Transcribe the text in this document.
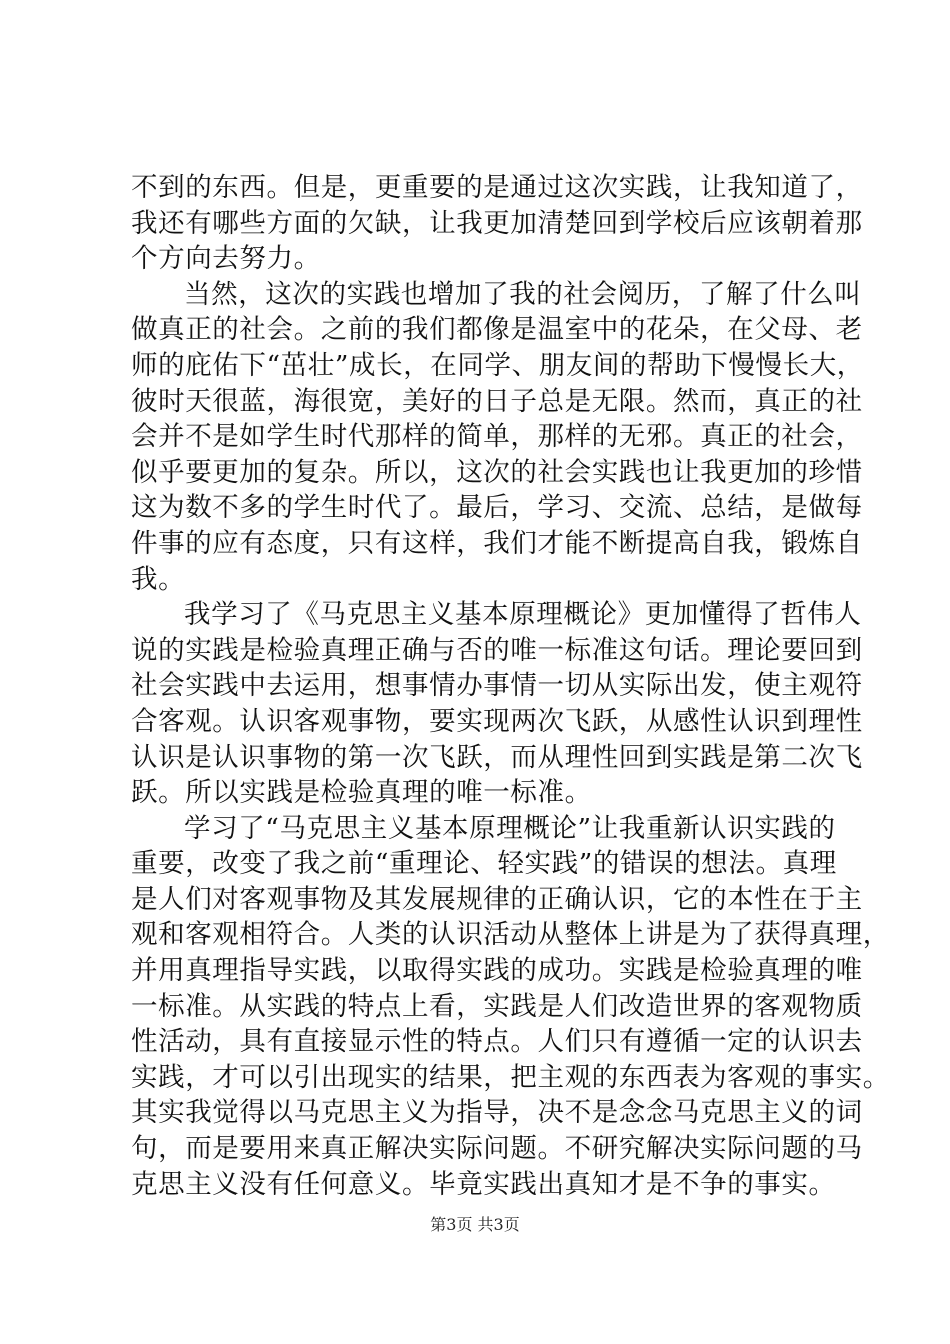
不到的东西。但是，更重要的是通过这次实践，让我知道了，
我还有哪些方面的欠缺，让我更加清楚回到学校后应该朝着那
个方向去努力。
当然，这次的实践也增加了我的社会阅历，了解了什么叫
做真正的社会。之前的我们都像是温室中的花朵，在父母、老
师的庇佑下“茁壮”成长，在同学、朋友间的帮助下慢慢长大，
彼时天很蓝，海很宽，美好的日子总是无限。然而，真正的社
会并不是如学生时代那样的简单，那样的无邪。真正的社会，
似乎要更加的复杂。所以，这次的社会实践也让我更加的珍惜
这为数不多的学生时代了。最后，学习、交流、总结，是做每
件事的应有态度，只有这样，我们才能不断提高自我，锻炼自
我。
我学习了《马克思主义基本原理概论》更加懂得了哲伟人
说的实践是检验真理正确与否的唯一标准这句话。理论要回到
社会实践中去运用，想事情办事情一切从实际出发，使主观符
合客观。认识客观事物，要实现两次飞跃，从感性认识到理性
认识是认识事物的第一次飞跃，而从理性回到实践是第二次飞
跃。所以实践是检验真理的唯一标准。
学习了“马克思主义基本原理概论”让我重新认识实践的
重要，改变了我之前“重理论、轻实践”的错误的想法。真理
是人们对客观事物及其发展规律的正确认识，它的本性在于主
观和客观相符合。人类的认识活动从整体上讲是为了获得真理，
并用真理指导实践，以取得实践的成功。实践是检验真理的唯
一标准。从实践的特点上看，实践是人们改造世界的客观物质
性活动，具有直接显示性的特点。人们只有遵循一定的认识去
实践，才可以引出现实的结果，把主观的东西表为客观的事实。
其实我觉得以马克思主义为指导，决不是念念马克思主义的词
句，而是要用来真正解决实际问题。不研究解决实际问题的马
克思主义没有任何意义。毕竟实践出真知才是不争的事实。
第3页 共3页
